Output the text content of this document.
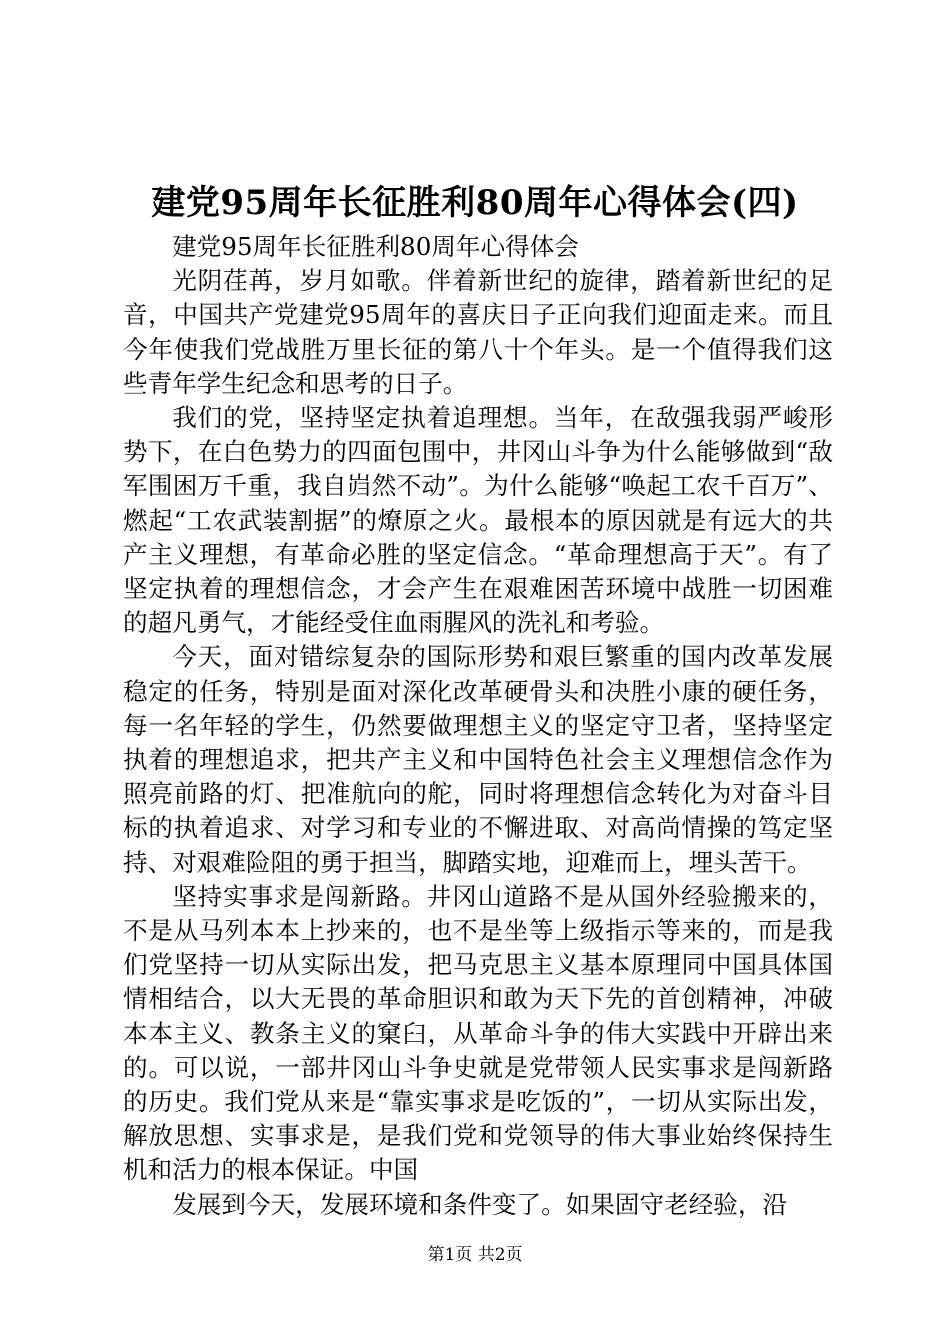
建党95周年长征胜利80周年心得体会(四)

建党95周年长征胜利80周年心得体会

光阴荏苒，岁月如歌。伴着新世纪的旋律，踏着新世纪的足音，中国共产党建党95周年的喜庆日子正向我们迎面走来。而且今年使我们党战胜万里长征的第八十个年头。是一个值得我们这些青年学生纪念和思考的日子。

我们的党，坚持坚定执着追理想。当年，在敌强我弱严峻形势下，在白色势力的四面包围中，井冈山斗争为什么能够做到“敌军围困万千重，我自岿然不动”。为什么能够“唤起工农千百万”、燃起“工农武装割据”的燎原之火。最根本的原因就是有远大的共产主义理想，有革命必胜的坚定信念。“革命理想高于天”。有了坚定执着的理想信念，才会产生在艰难困苦环境中战胜一切困难的超凡勇气，才能经受住血雨腥风的洗礼和考验。

今天，面对错综复杂的国际形势和艰巨繁重的国内改革发展稳定的任务，特别是面对深化改革硬骨头和决胜小康的硬任务，每一名年轻的学生，仍然要做理想主义的坚定守卫者，坚持坚定执着的理想追求，把共产主义和中国特色社会主义理想信念作为照亮前路的灯、把准航向的舵，同时将理想信念转化为对奋斗目标的执着追求、对学习和专业的不懈进取、对高尚情操的笃定坚持、对艰难险阻的勇于担当，脚踏实地，迎难而上，埋头苦干。

坚持实事求是闯新路。井冈山道路不是从国外经验搬来的，不是从马列本本上抄来的，也不是坐等上级指示等来的，而是我们党坚持一切从实际出发，把马克思主义基本原理同中国具体国情相结合，以大无畏的革命胆识和敢为天下先的首创精神，冲破本本主义、教条主义的窠臼，从革命斗争的伟大实践中开辟出来的。可以说，一部井冈山斗争史就是党带领人民实事求是闯新路的历史。我们党从来是“靠实事求是吃饭的”，一切从实际出发，解放思想、实事求是，是我们党和党领导的伟大事业始终保持生机和活力的根本保证。中国

发展到今天，发展环境和条件变了。如果固守老经验，沿

第1页 共2页
